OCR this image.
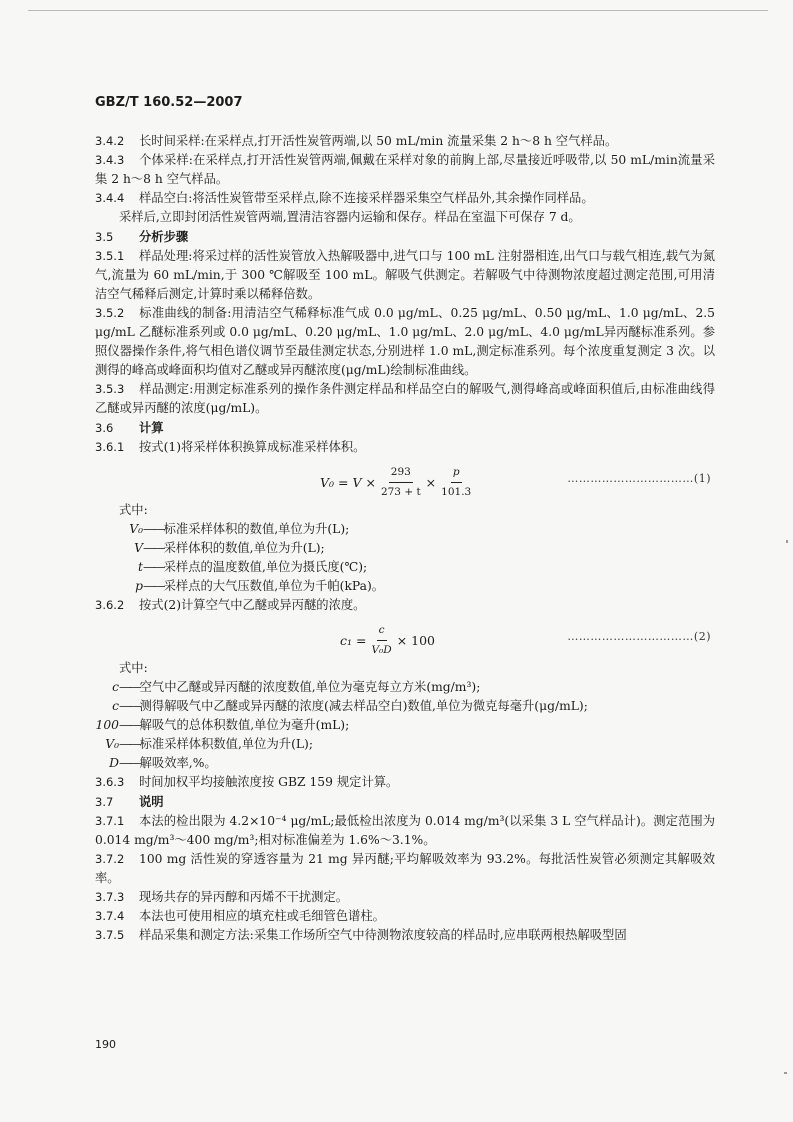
GBZ/T 160.52—2007

3.4.2 长时间采样:在采样点,打开活性炭管两端,以 50 mL/min 流量采集 2 h～8 h 空气样品。

3.4.3 个体采样:在采样点,打开活性炭管两端,佩戴在采样对象的前胸上部,尽量接近呼吸带,以 50 mL/min流量采集 2 h～8 h 空气样品。

3.4.4 样品空白:将活性炭管带至采样点,除不连接采样器采集空气样品外,其余操作同样品。

采样后,立即封闭活性炭管两端,置清洁容器内运输和保存。样品在室温下可保存 7 d。

3.5 分析步骤

3.5.1 样品处理:将采过样的活性炭管放入热解吸器中,进气口与 100 mL 注射器相连,出气口与载气相连,载气为氮气,流量为 60 mL/min,于 300 ℃解吸至 100 mL。解吸气供测定。若解吸气中待测物浓度超过测定范围,可用清洁空气稀释后测定,计算时乘以稀释倍数。

3.5.2 标准曲线的制备:用清洁空气稀释标准气成 0.0 μg/mL、0.25 μg/mL、0.50 μg/mL、1.0 μg/mL、2.5 μg/mL 乙醚标准系列或 0.0 μg/mL、0.20 μg/mL、1.0 μg/mL、2.0 μg/mL、4.0 μg/mL异丙醚标准系列。参照仪器操作条件,将气相色谱仪调节至最佳测定状态,分别进样 1.0 mL,测定标准系列。每个浓度重复测定 3 次。以测得的峰高或峰面积均值对乙醚或异丙醚浓度(μg/mL)绘制标准曲线。

3.5.3 样品测定:用测定标准系列的操作条件测定样品和样品空白的解吸气,测得峰高或峰面积值后,由标准曲线得乙醚或异丙醚的浓度(μg/mL)。

3.6 计算

3.6.1 按式(1)将采样体积换算成标准采样体积。

$V_0 = V \times \frac{293}{273 + t} \times \frac{p}{101.3}$	……………………………(1)

式中:

V₀——标准采样体积的数值,单位为升(L);

V——采样体积的数值,单位为升(L);

t——采样点的温度数值,单位为摄氏度(℃);

p——采样点的大气压数值,单位为千帕(kPa)。

3.6.2 按式(2)计算空气中乙醚或异丙醚的浓度。

$c_1 = \frac{c}{\text{V₀D}} \times 100$	……………………………(2)

式中:

c——空气中乙醚或异丙醚的浓度数值,单位为毫克每立方米(mg/m³);

c——测得解吸气中乙醚或异丙醚的浓度(减去样品空白)数值,单位为微克每毫升(μg/mL);

100——解吸气的总体积数值,单位为毫升(mL);

V₀——标准采样体积数值,单位为升(L);

D——解吸效率,%。

3.6.3 时间加权平均接触浓度按 GBZ 159 规定计算。

3.7 说明

3.7.1 本法的检出限为 4.2×10⁻⁴ μg/mL;最低检出浓度为 0.014 mg/m³(以采集 3 L 空气样品计)。测定范围为 0.014 mg/m³～400 mg/m³;相对标准偏差为 1.6%～3.1%。

3.7.2 100 mg 活性炭的穿透容量为 21 mg 异丙醚;平均解吸效率为 93.2%。每批活性炭管必须测定其解吸效率。

3.7.3 现场共存的异丙醇和丙烯不干扰测定。

3.7.4 本法也可使用相应的填充柱或毛细管色谱柱。

3.7.5 样品采集和测定方法:采集工作场所空气中待测物浓度较高的样品时,应串联两根热解吸型固

190
